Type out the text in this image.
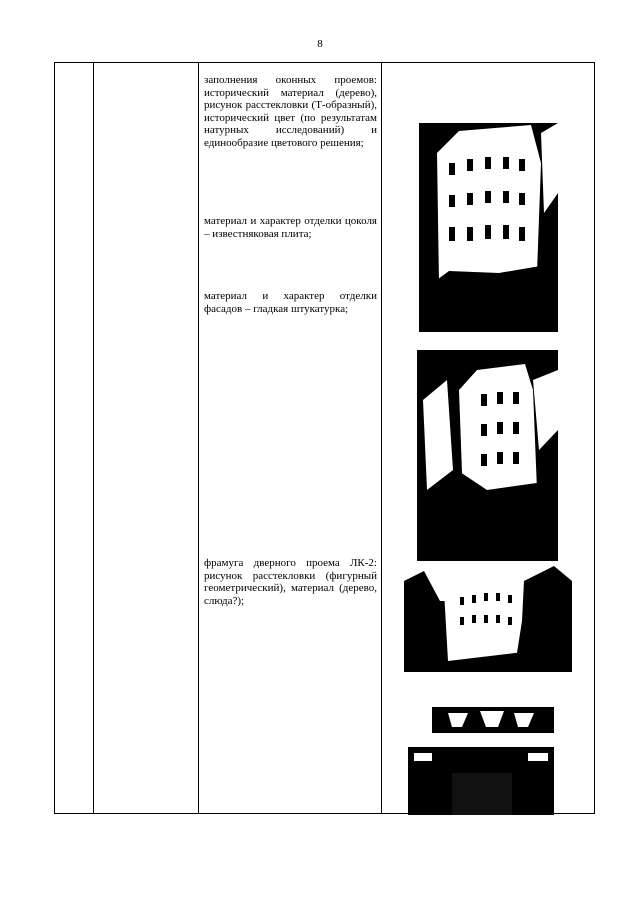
8

заполнения оконных проемов: исторический материал (дерево), рисунок расстекловки (Т-образный), исторический цвет (по результатам натурных исследований) и единообразие цветового решения;

материал и характер отделки цоколя – известняковая плита;

материал и характер отделки фасадов – гладкая штукатурка;

фрамуга дверного проема ЛК-2: рисунок расстекловки (фигурный геометрический), материал (дерево, слюда?);
